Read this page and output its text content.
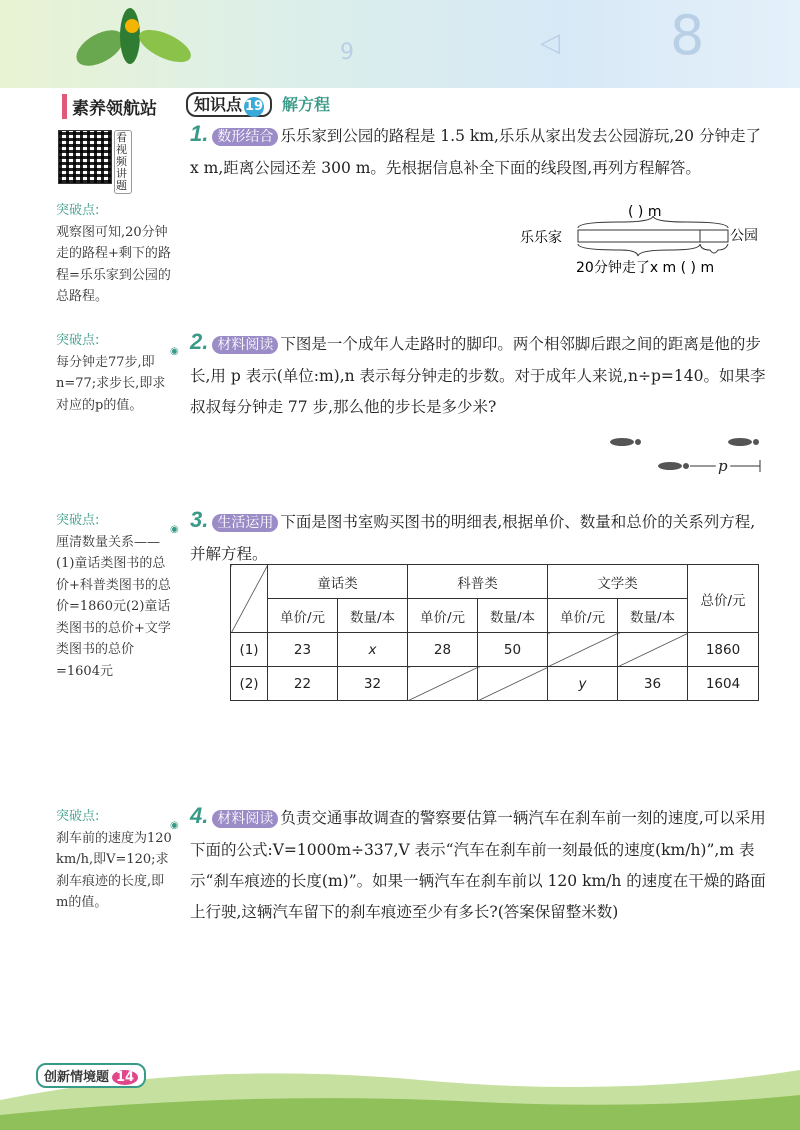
9	◁ 8
素养领航站
看视频讲题
突破点:
观察图可知,20分钟走的路程+剩下的路程=乐乐家到公园的总路程。
突破点:
每分钟走77步,即n=77;求步长,即求对应的p的值。
突破点:
厘清数量关系——(1)童话类图书的总价+科普类图书的总价=1860元(2)童话类图书的总价+文学类图书的总价=1604元
突破点:
刹车前的速度为120 km/h,即V=120;求刹车痕迹的长度,即m的值。
知识点 19 解方程
1. 数形结合 乐乐家到公园的路程是 1.5 km,乐乐从家出发去公园游玩,20 分钟走了 x m,距离公园还差 300 m。先根据信息补全下面的线段图,再列方程解答。
( ) m
乐乐家	公园
20分钟走了x m ( ) m
◉ 2. 材料阅读 下图是一个成年人走路时的脚印。两个相邻脚后跟之间的距离是他的步长,用 p 表示(单位:m),n 表示每分钟走的步数。对于成年人来说,n÷p=140。如果李叔叔每分钟走 77 步,那么他的步长是多少米?
p
◉ 3. 生活运用 下面是图书室购买图书的明细表,根据单价、数量和总价的关系列方程,并解方程。
	童话类		科普类		文学类		总价/元
	单价/元	数量/本	单价/元	数量/本	单价/元	数量/本	
(1)	23	x	28	50			1860
(2)	22	32			y	36	1604
◉ 4. 材料阅读 负责交通事故调查的警察要估算一辆汽车在刹车前一刻的速度,可以采用下面的公式:V=1000m÷337,V 表示“汽车在刹车前一刻最低的速度(km/h)”,m 表示“刹车痕迹的长度(m)”。如果一辆汽车在刹车前以 120 km/h 的速度在干燥的路面上行驶,这辆汽车留下的刹车痕迹至少有多长?(答案保留整米数)
创新情境题 14
